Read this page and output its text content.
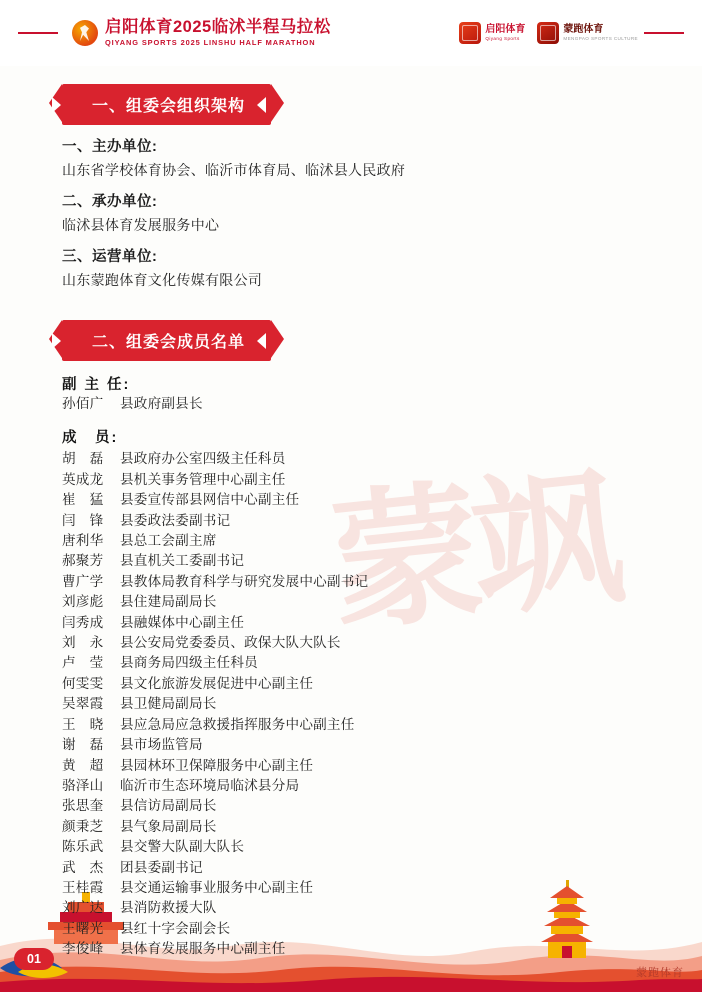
启阳体育2025临沭半程马拉松
QIYANG SPORTS 2025 LINSHU HALF MARATHON
启阳体育
Qiyang Sports
蒙跑体育
MENGPAO SPORTS CULTURE
蒙飒
一、组委会组织架构
一、主办单位:
山东省学校体育协会、临沂市体育局、临沭县人民政府
二、承办单位:
临沭县体育发展服务中心
三、运营单位:
山东蒙跑体育文化传媒有限公司
二、组委会成员名单
副 主 任:
孙佰广	县政府副县长
成　员:
胡　磊	县政府办公室四级主任科员
英成龙	县机关事务管理中心副主任
崔　猛	县委宣传部县网信中心副主任
闫　锋	县委政法委副书记
唐利华	县总工会副主席
郝聚芳	县直机关工委副书记
曹广学	县教体局教育科学与研究发展中心副书记
刘彦彪	县住建局副局长
闫秀成	县融媒体中心副主任
刘　永	县公安局党委委员、政保大队大队长
卢　莹	县商务局四级主任科员
何雯雯	县文化旅游发展促进中心副主任
吴翠霞	县卫健局副局长
王　晓	县应急局应急救援指挥服务中心副主任
谢　磊	县市场监管局
黄　超	县园林环卫保障服务中心副主任
骆泽山	临沂市生态环境局临沭县分局
张思奎	县信访局副局长
颜秉芝	县气象局副局长
陈乐武	县交警大队副大队长
武　杰	团县委副书记
王桂霞	县交通运输事业服务中心副主任
刘广达	县消防救援大队
王曙光	县红十字会副会长
李俊峰	县体育发展服务中心副主任
01
蒙跑体育
